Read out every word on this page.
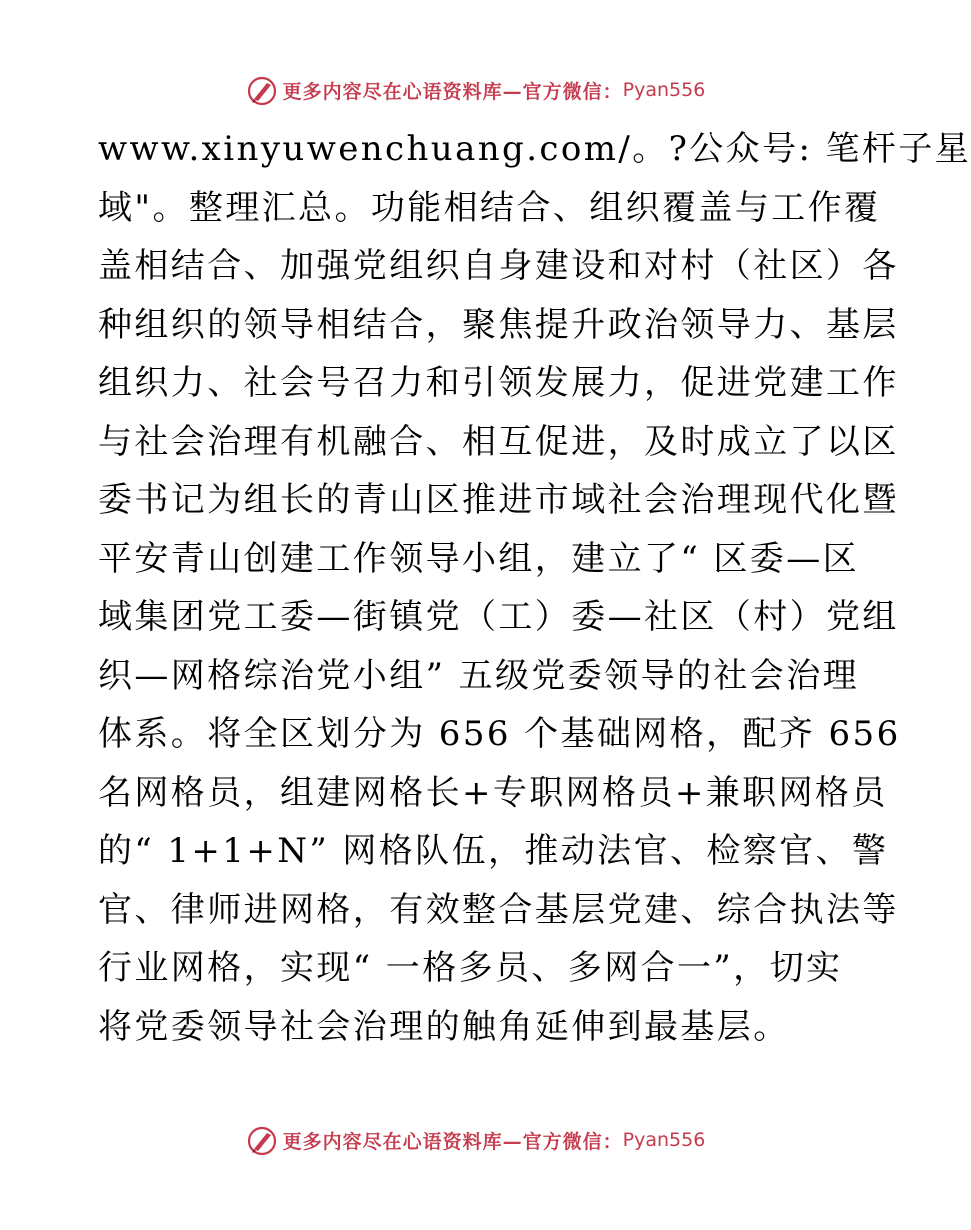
更多内容尽在心语资料库—官方微信： Pyan556
www.xinyuwenchuang.com/。?公众号: 笔杆子星
域"。整理汇总。功能相结合、组织覆盖与工作覆
盖相结合、加强党组织自身建设和对村（社区）各
种组织的领导相结合，聚焦提升政治领导力、基层
组织力、社会号召力和引领发展力，促进党建工作
与社会治理有机融合、相互促进，及时成立了以区
委书记为组长的青山区推进市域社会治理现代化暨
平安青山创建工作领导小组，建立了“ 区委—区
域集团党工委—街镇党（工）委—社区（村）党组
织—网格综治党小组” 五级党委领导的社会治理
体系。将全区划分为 656 个基础网格，配齐 656
名网格员，组建网格长+专职网格员+兼职网格员
的“ 1+1+N” 网格队伍，推动法官、检察官、警
官、律师进网格，有效整合基层党建、综合执法等
行业网格，实现“ 一格多员、多网合一”，切实
将党委领导社会治理的触角延伸到最基层。
更多内容尽在心语资料库—官方微信： Pyan556
